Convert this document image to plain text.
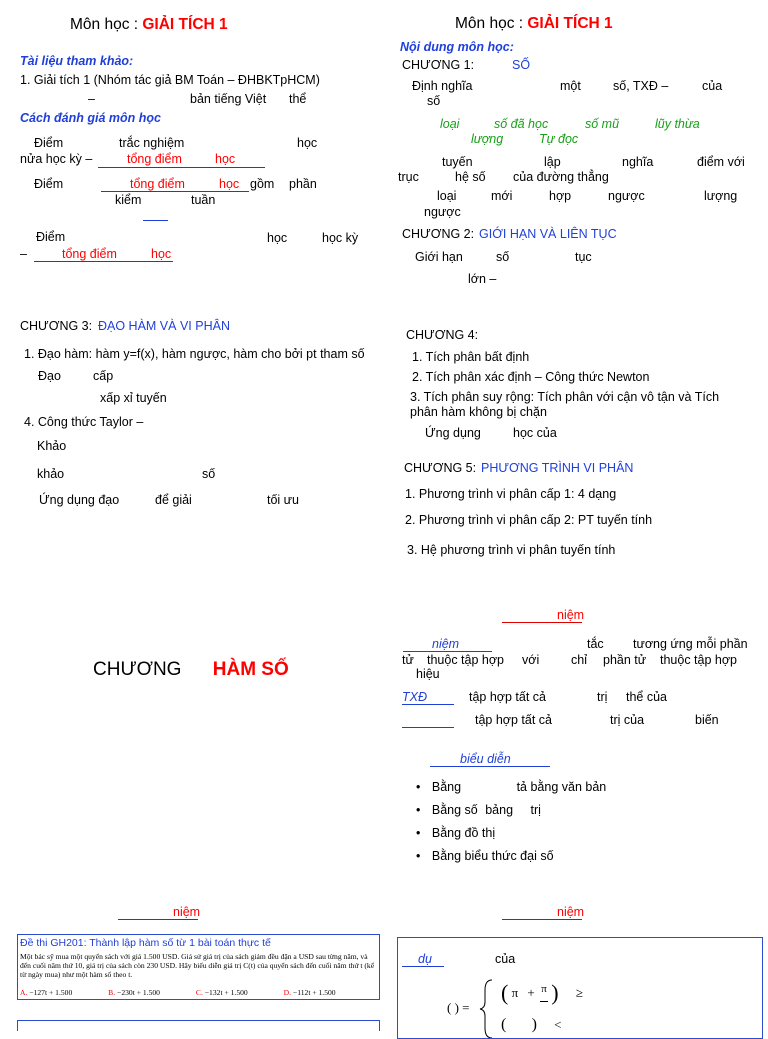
Môn học : GIẢI TÍCH 1
Tài liệu tham khảo:
1. Giải tích 1 (Nhóm tác giả BM Toán – ĐHBKTpHCM)
–	bản tiếng Việt thể
Cách đánh giá môn học
Điểm	trắc nghiệm	học
nửa học kỳ –	tổng điểm	học
Điểm	tổng điểm	học gồm phần
kiểm	tuần
Điểm	học	học kỳ
–	tổng điểm	học
Môn học : GIẢI TÍCH 1
Nội dung môn học:
CHƯƠNG 1:	SỐ
Định nghĩa	một	số, TXĐ –	của
số
loại	số đã học	số mũ	lũy thừa
lượng	Tự đọc
tuyến	lập	nghĩa	điểm với
trục	hệ số của đường thẳng
loại	mới	hợp	ngược	lượng
ngược
CHƯƠNG 2: GIỚI HẠN VÀ LIÊN TỤC
Giới hạn	số	tục
lớn –
CHƯƠNG 3: ĐẠO HÀM VÀ VI PHÂN
1. Đạo hàm: hàm y=f(x), hàm ngược, hàm cho bởi pt tham số
Đạo	cấp
xấp xỉ tuyến
4. Công thức Taylor –
Khảo
khảo	số
Ứng dụng đạo	để giải	tối ưu
CHƯƠNG 4:
1. Tích phân bất định
2. Tích phân xác định – Công thức Newton
3. Tích phân suy rộng: Tích phân với cận vô tận và Tích phân hàm không bị chặn
Ứng dụng	học của
CHƯƠNG 5: PHƯƠNG TRÌNH VI PHÂN
1. Phương trình vi phân cấp 1: 4 dạng
2. Phương trình vi phân cấp 2: PT tuyến tính
3. Hệ phương trình vi phân tuyến tính
CHƯƠNG HÀM SỐ
niệm
niệm	tắc tương ứng mỗi phần
tử thuộc tập hợp với	chỉ phần tử thuộc tập hợp
hiệu
TXĐ	tập hợp tất cả	trị thể của
tập hợp tất cả	trị của	biến
biểu diễn
• Bằng	tả bằng văn bản
• Bằng số bảng trị
• Bằng đồ thị
• Bằng biểu thức đại số
niệm
Đề thi GH201: Thành lập hàm số từ 1 bài toán thực tế
Một bác sỹ mua một quyển sách với giá 1.500 USD. Giá sử giá trị của sách giảm đều đặn a USD sau từng năm, và đến cuối năm thứ 10, giá trị của sách còn 230 USD. Hãy biểu diễn giá trị C(t) của quyển sách đến cuối năm thứ t (kể từ ngày mua) như một hàm số theo t.
A. −127t + 1.500	B. −230t + 1.500	C. −132t + 1.500	D. −112t + 1.500
niệm
dụ	của
( ) =
( π + π ) ≥
( ) <
